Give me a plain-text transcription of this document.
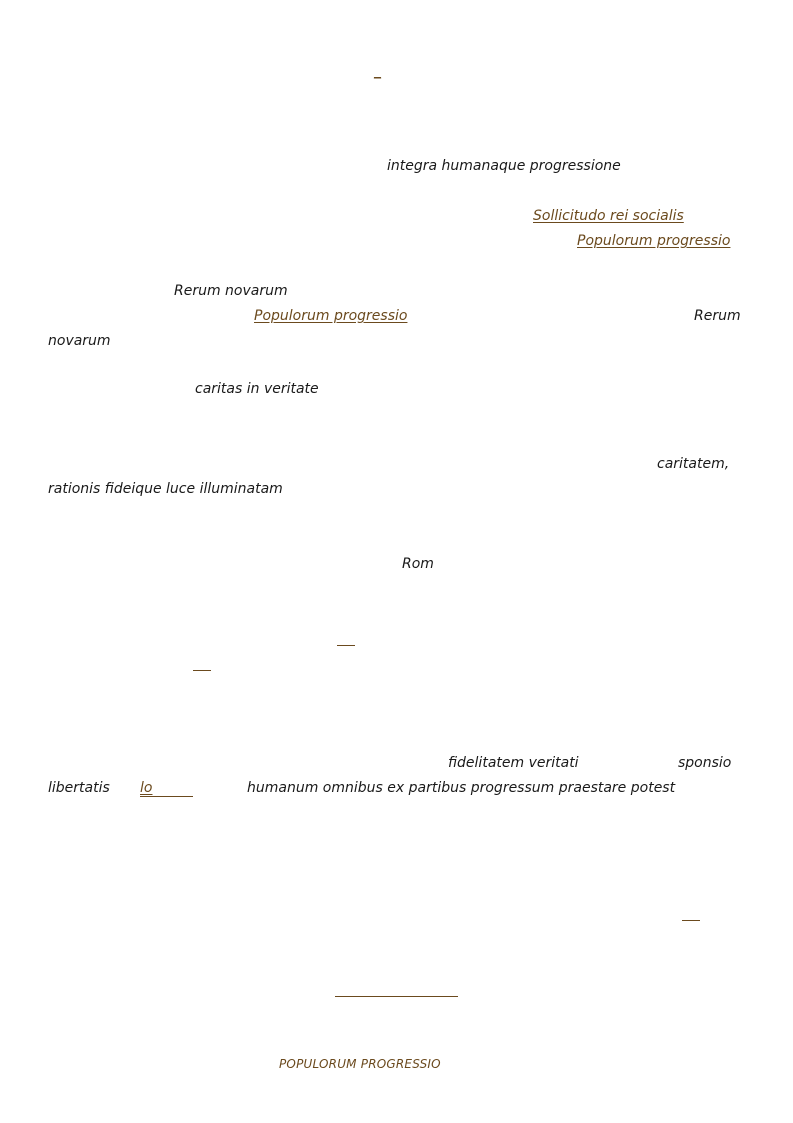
_
integra humanaque progressione
Sollicitudo rei socialis
Populorum progressio
Rerum novarum
Populorum progressio	Rerum
novarum
caritas in veritate
caritatem,
rationis fideique luce illuminatam
Rom
fidelitatem veritati	sponsio
libertatis lo	humanum omnibus ex partibus progressum praestare potest
POPULORUM PROGRESSIO
